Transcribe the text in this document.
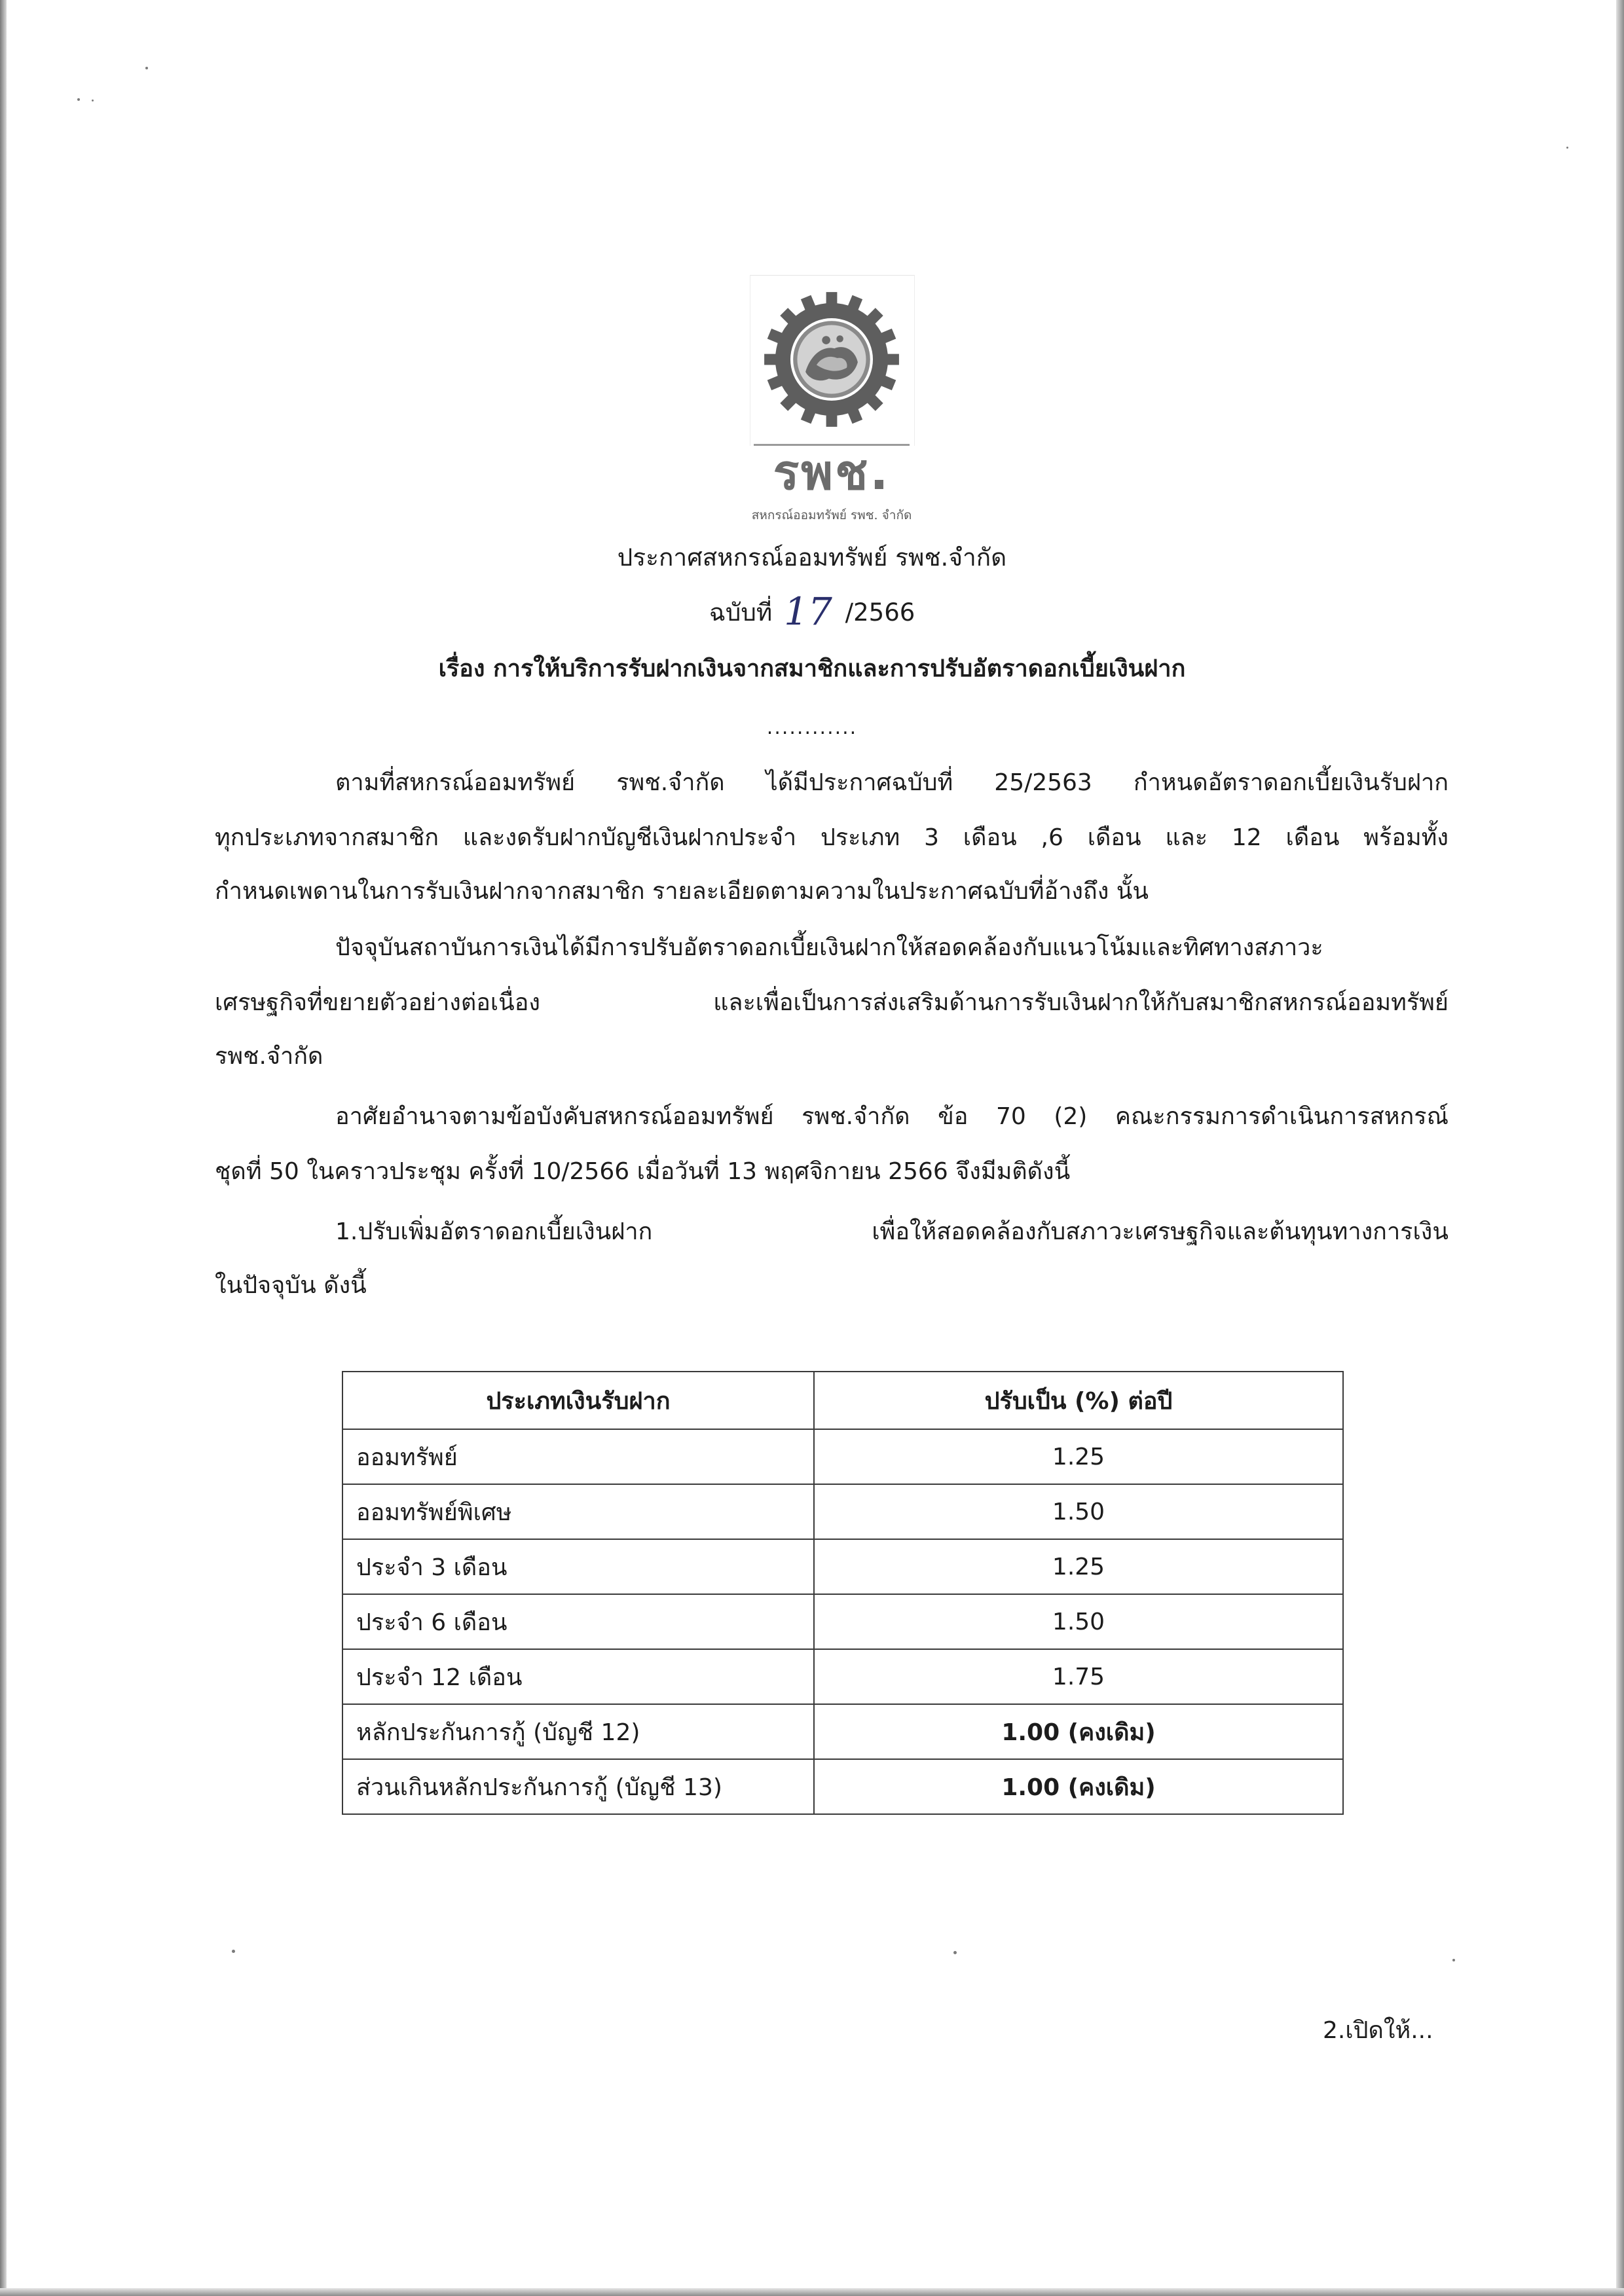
รพช.
สหกรณ์ออมทรัพย์ รพช. จำกัด
ประกาศสหกรณ์ออมทรัพย์ รพช.จำกัด
ฉบับที่ 17 /2566
เรื่อง การให้บริการรับฝากเงินจากสมาชิกและการปรับอัตราดอกเบี้ยเงินฝาก
............
ตามที่สหกรณ์ออมทรัพย์ รพช.จำกัด ได้มีประกาศฉบับที่ 25/2563 กำหนดอัตราดอกเบี้ยเงินรับฝาก
ทุกประเภทจากสมาชิก และงดรับฝากบัญชีเงินฝากประจำ ประเภท 3 เดือน ,6 เดือน และ 12 เดือน พร้อมทั้ง
กำหนดเพดานในการรับเงินฝากจากสมาชิก รายละเอียดตามความในประกาศฉบับที่อ้างถึง นั้น
ปัจจุบันสถาบันการเงินได้มีการปรับอัตราดอกเบี้ยเงินฝากให้สอดคล้องกับแนวโน้มและทิศทางสภาวะ
เศรษฐกิจที่ขยายตัวอย่างต่อเนื่อง และเพื่อเป็นการส่งเสริมด้านการรับเงินฝากให้กับสมาชิกสหกรณ์ออมทรัพย์
รพช.จำกัด
อาศัยอำนาจตามข้อบังคับสหกรณ์ออมทรัพย์ รพช.จำกัด ข้อ 70 (2) คณะกรรมการดำเนินการสหกรณ์
ชุดที่ 50 ในคราวประชุม ครั้งที่ 10/2566 เมื่อวันที่ 13 พฤศจิกายน 2566 จึงมีมติดังนี้
1.ปรับเพิ่มอัตราดอกเบี้ยเงินฝาก เพื่อให้สอดคล้องกับสภาวะเศรษฐกิจและต้นทุนทางการเงิน
ในปัจจุบัน ดังนี้
ประเภทเงินรับฝาก	ปรับเป็น (%) ต่อปี
ออมทรัพย์	1.25
ออมทรัพย์พิเศษ	1.50
ประจำ 3 เดือน	1.25
ประจำ 6 เดือน	1.50
ประจำ 12 เดือน	1.75
หลักประกันการกู้ (บัญชี 12)	1.00 (คงเดิม)
ส่วนเกินหลักประกันการกู้ (บัญชี 13)	1.00 (คงเดิม)
2.เปิดให้...
